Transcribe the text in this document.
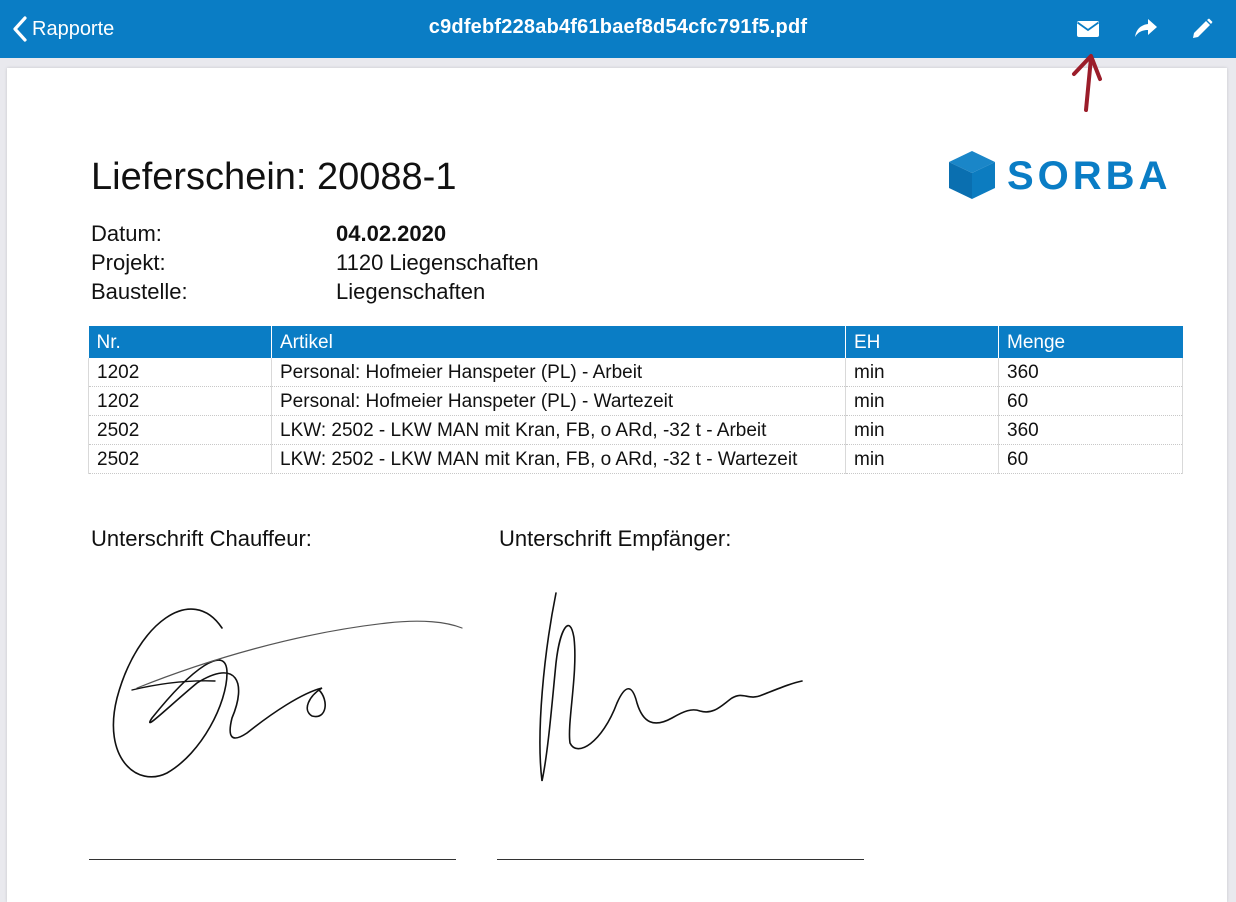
Rapporte	c9dfebf228ab4f61baef8d54cfc791f5.pdf
Lieferschein: 20088-1	SORBA
Datum:	04.02.2020
Projekt:	1120 Liegenschaften
Baustelle:	Liegenschaften
Nr.	Artikel	EH	Menge
1202	Personal: Hofmeier Hanspeter (PL) - Arbeit	min	360
1202	Personal: Hofmeier Hanspeter (PL) - Wartezeit	min	60
2502	LKW: 2502 - LKW MAN mit Kran, FB, o ARd, -32 t - Arbeit	min	360
2502	LKW: 2502 - LKW MAN mit Kran, FB, o ARd, -32 t - Wartezeit	min	60
Unterschrift Chauffeur:	Unterschrift Empfänger:
